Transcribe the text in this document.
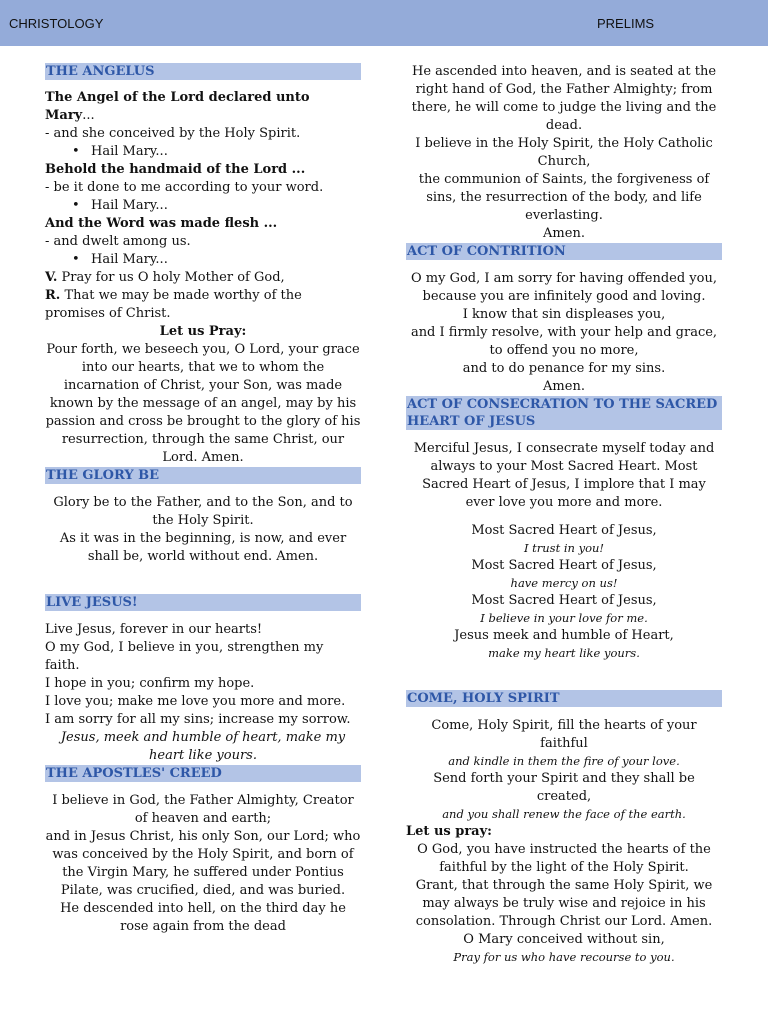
CHRISTOLOGY	PRELIMS
THE ANGELUS

The Angel of the Lord declared unto Mary...

- and she conceived by the Holy Spirit.

• Hail Mary...

Behold the handmaid of the Lord ...

- be it done to me according to your word.

• Hail Mary...

And the Word was made flesh ...

- and dwelt among us.

• Hail Mary...

V. Pray for us O holy Mother of God,

R. That we may be made worthy of the promises of Christ.

Let us Pray:

Pour forth, we beseech you, O Lord, your grace into our hearts, that we to whom the incarnation of Christ, your Son, was made known by the message of an angel, may by his passion and cross be brought to the glory of his resurrection, through the same Christ, our Lord. Amen.

THE GLORY BE

Glory be to the Father, and to the Son, and to the Holy Spirit.

As it was in the beginning, is now, and ever shall be, world without end. Amen.

LIVE JESUS!

Live Jesus, forever in our hearts!

O my God, I believe in you, strengthen my faith.

I hope in you; confirm my hope.

I love you; make me love you more and more.

I am sorry for all my sins; increase my sorrow.

Jesus, meek and humble of heart, make my heart like yours.

THE APOSTLES' CREED

I believe in God, the Father Almighty, Creator of heaven and earth;

and in Jesus Christ, his only Son, our Lord; who was conceived by the Holy Spirit, and born of the Virgin Mary, he suffered under Pontius Pilate, was crucified, died, and was buried.

He descended into hell, on the third day he rose again from the dead

He ascended into heaven, and is seated at the right hand of God, the Father Almighty; from there, he will come to judge the living and the dead.

I believe in the Holy Spirit, the Holy Catholic Church,

the communion of Saints, the forgiveness of sins, the resurrection of the body, and life everlasting.

Amen.

ACT OF CONTRITION

O my God, I am sorry for having offended you, because you are infinitely good and loving.

I know that sin displeases you,

and I firmly resolve, with your help and grace, to offend you no more,

and to do penance for my sins.

Amen.

ACT OF CONSECRATION TO THE SACRED HEART OF JESUS

Merciful Jesus, I consecrate myself today and always to your Most Sacred Heart. Most Sacred Heart of Jesus, I implore that I may ever love you more and more.

Most Sacred Heart of Jesus,

I trust in you!

Most Sacred Heart of Jesus,

have mercy on us!

Most Sacred Heart of Jesus,

I believe in your love for me.

Jesus meek and humble of Heart,

make my heart like yours.

COME, HOLY SPIRIT

Come, Holy Spirit, fill the hearts of your faithful

and kindle in them the fire of your love.

Send forth your Spirit and they shall be created,

and you shall renew the face of the earth.

Let us pray:

O God, you have instructed the hearts of the faithful by the light of the Holy Spirit.

Grant, that through the same Holy Spirit, we may always be truly wise and rejoice in his consolation. Through Christ our Lord. Amen.

O Mary conceived without sin,

Pray for us who have recourse to you.
